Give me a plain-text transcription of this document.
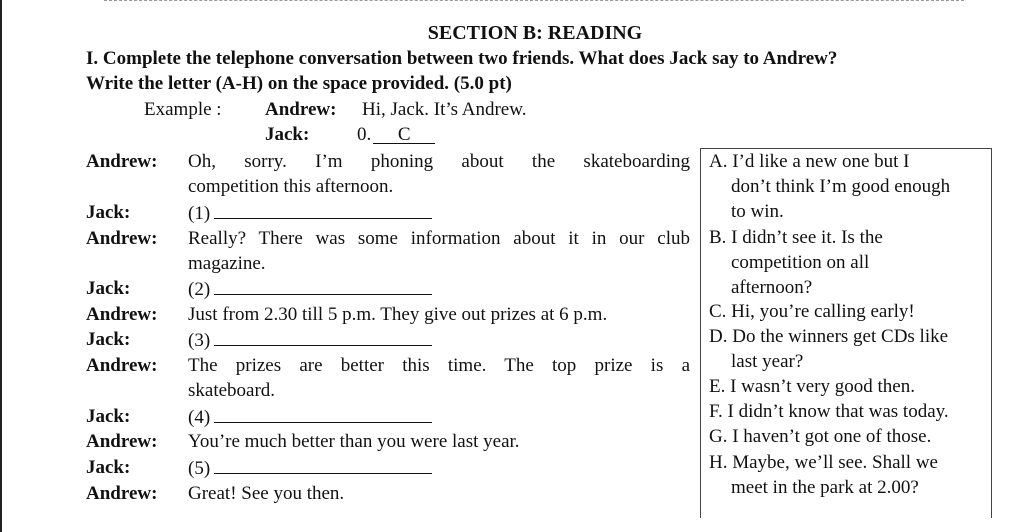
SECTION B: READING
I. Complete the telephone conversation between two friends. What does Jack say to Andrew?
Write the letter (A-H) on the space provided. (5.0 pt)
Example : Andrew: Hi, Jack. It’s Andrew.
Jack:	0. C
Andrew: Oh, sorry. I’m phoning about the skateboarding
competition this afternoon.
Jack:	(1)
Andrew: Really? There was some information about it in our club
magazine.
Jack:	(2)
Andrew: Just from 2.30 till 5 p.m. They give out prizes at 6 p.m.
Jack:	(3)
Andrew: The prizes are better this time. The top prize is a
skateboard.
Jack:	(4)
Andrew: You’re much better than you were last year.
Jack:	(5)
Andrew: Great! See you then.
A. I’d like a new one but I
don’t think I’m good enough
to win.
B. I didn’t see it. Is the
competition on all
afternoon?
C. Hi, you’re calling early!
D. Do the winners get CDs like
last year?
E. I wasn’t very good then.
F. I didn’t know that was today.
G. I haven’t got one of those.
H. Maybe, we’ll see. Shall we
meet in the park at 2.00?
